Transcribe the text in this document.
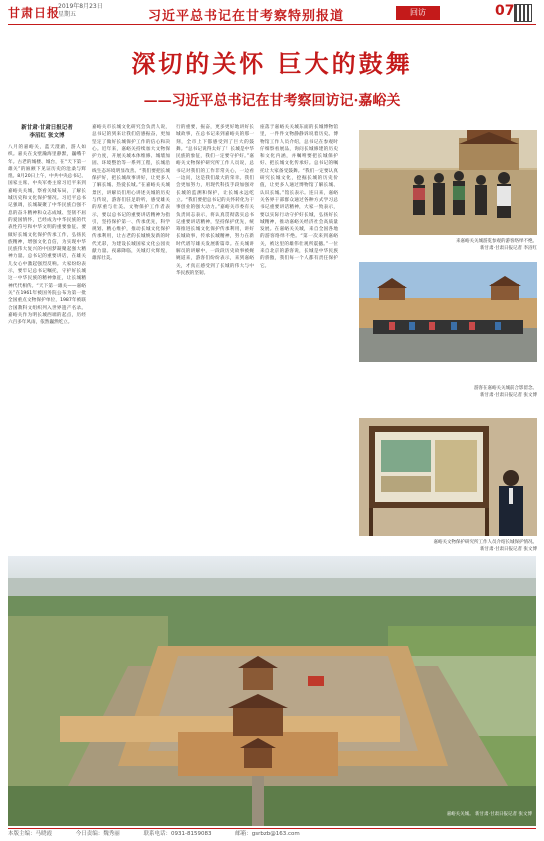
甘肃日报
2019年8月23日
星期五	习近平总书记在甘考察特别报道	回访	07
深切的关怀 巨大的鼓舞
——习近平总书记在甘考察回访记·嘉峪关
新甘肃·甘肃日报记者
李沼红 张文博
八月的嘉峪关，蓝天澄澈，游人如织。嘉关在戈壁瀚海里静默，巍峨千年。古老的城楼、城台，在“天下第一雄关”的匾额下见证历史的沧桑与辉煌。8月20日上午，中共中央总书记、国家主席、中央军委主席习近平来到嘉峪关关城，察看关城布局，了解长城历史和文化保护情况。习近平总书记强调，长城凝聚了中华民族自强不息的奋斗精神和众志成城、坚韧不屈的爱国情怀，已经成为中华民族的代表性符号和中华文明的重要象征。要做好长城文化保护传承工作，弘扬民族精神，增强文化自信，为实现中华民族伟大复兴的中国梦凝聚起强大精神力量。总书记的重要讲话，在雄关儿女心中激起强烈反响。大家纷纷表示，要牢记总书记嘱托，守护好长城这一中华民族的精神象征，让长城精神代代相传。“天下第一雄关——嘉峪关”在1961年被国务院公布为第一批全国重点文物保护单位，1987年被联合国教科文组织列入世界遗产名录。嘉峪关作为明长城西端的起点，历经六百多年风雨，依然巍然屹立。
嘉峪关市长城文化研究会负责人说，总书记的到来让我们倍感振奋，更加坚定了做好长城保护工作的信心和决心。近年来，嘉峪关持续加大文物保护力度，开展关城本体维修、城墙加固、环境整治等一系列工程，长城沿线生态环境明显改善。“我们要把长城保护好，把长城故事讲好，让更多人了解长城、热爱长城。”在嘉峪关关城景区，讲解员们用心讲述关城的历史与传说，游客们驻足聆听，感受雄关的厚重与壮美。文物保护工作者表示，要以总书记的重要讲话精神为指引，坚持保护第一、传承优先，科学规划、精心维护，推动长城文化保护传承利用，让古老的长城焕发新的时代光彩，为建设长城国家文化公园贡献力量。夜幕降临，关城灯火辉煌，雄浑壮美。
行的重要，振奋，更多更好地讲好长城故事，在总书记来到嘉峪关的那一刻，全市上下都感受到了巨大的鼓舞。“总书记说得太好了！长城是中华民族的象征，我们一定要守护好。”嘉峪关文物保护研究所工作人员说，总书记对我们的工作非常关心，一边看一边问，这是我们最大的荣幸。我们会更加努力，用现代科技手段加强对长城的监测和保护，让长城永远屹立。“我们要把总书记的关怀转化为干事创业的强大动力。”嘉峪关市委有关负责同志表示，将认真贯彻落实总书记重要讲话精神，坚持保护优先，统筹推进长城文化保护传承利用，讲好长城故事，传承长城精神，努力在新时代谱写雄关发展新篇章。在关城讲解员的讲解中，一段段历史故事被娓娓道来，游客们纷纷表示，来到嘉峪关，才真正感受到了长城的伟大与中华民族的坚韧。
座落于嘉峪关关城东面的长城博物馆里，一件件文物静静诉说着历史。博物馆工作人员介绍，总书记在参观时仔细察看展品，询问长城修建的历史和文化内涵，并嘱咐要把长城保护好、把长城文化传承好。总书记的嘱托让大家备受鼓舞。“我们一定要认真研究长城文化，挖掘长城的历史价值，让更多人通过博物馆了解长城、认识长城。”馆长表示。连日来，嘉峪关各界干部群众通过各种方式学习总书记重要讲话精神，大家一致表示，要以实际行动守护好长城，弘扬好长城精神，推动嘉峪关经济社会高质量发展。在嘉峪关关城，来自全国各地的游客络绎不绝。“第一次来到嘉峪关，被这里的雄伟壮观所震撼。”一位来自北京的游客说，长城是中华民族的骄傲，我们每一个人都有责任保护它。
来嘉峪关关城游览参观的游客络绎不绝。
新甘肃·甘肃日报记者 李沼红
游客在嘉峪关关城前合影留念。
新甘肃·甘肃日报记者 张文博
嘉峪关文物保护研究所工作人员介绍长城保护情况。
新甘肃·甘肃日报记者 张文博
嘉峪关关城。 新甘肃·甘肃日报记者 张文博
本版主编：马晓霞	今日责编：魏秀丽	联系电话：0931-8159083	邮箱：gsrbzb@163.com
